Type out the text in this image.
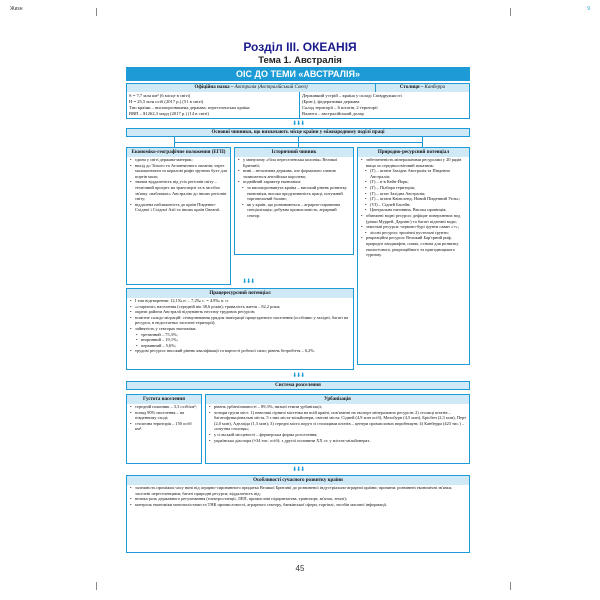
Жизн	9
Розділ III. ОКЕАНІЯ
Тема 1. Австралія
ОІС ДО ТЕМИ «АВСТРАЛІЯ»
Офіційна назва – Австралія (Австралійський Союз)	Столиця – Канберра
S = 7,7 млн км² (6 місце в світі)
Н = 25,5 млн осіб (2017 р.) (51 в світі)
Тип країни – високорозвинена держава, переселенська країна
ВВП – $1262,3 млрд (2017 р.) (14 в світі)
Державний устрій – країна у складі Співдружності
(Брит.), федеративна держава
Склад території – 6 штатів, 2 території
Валюта – австралійський долар
⬇⬇⬇
Основні чинники, що визначають місце країни у міжнародному поділі праці
Економіко-географічне положення (ЕГП)
• єдина у світі держава-материк;
• вихід до Тихого та Атлантичного океанів; через малоконтакти та коралові рифи зручних бухт для портів мало;
• значна віддаленість від усіх регіонів світу – технічний прогрес на транспорті та в засобах зв'язку «наближає» Австралію до інших регіонів світу;
• віддалена наближеність до країн Південно-Східної і Східної Азії та інших країн Океанії.
Історичний чинник
• у минулому «біла переселенська колонія» Великої Британії;
• нині – незалежна держава, але формально главою залишається англійська королева;
• подвійний характер економіки:
• за високорозвинута країна – високий рівень розвитку економіки, висока продуктивність праці, потужний торговельний баланс;
• як у країн, що розвиваються – аграрно-сировинна спеціалізація: добувна промисловість, аграрний сектор.
Природно-ресурсний потенціал
• забезпеченість мінеральними ресурсами у 20 рядів вища за середньосвітовий показник:
• (Г) – штати Західна Австралія та Південна Австралія;
• (Г) – п-в Кейп-Йорк;
• (Г) – Пілбара територія;
• (Г) – штат Західна Австралія;
• (Г) – штати Квінсленд, Новий Південний Уельс;
• (VI) – Сідней Басейн;
• Центральна низовина, Висока провінція;
• обмежені водні ресурси: дефіцит поверхневих вод (річки Муррей, Дарлінг) та багаті підземні води;
• земельні ресурси: червоно-бурі ґрунти саван «+»;
• лісові ресурси: тропічні пустельні ґрунти;
• рекреаційні ресурси: Великий Бар'єрний риф, природні ландшафти, пляжі, основа для розвитку екологічного, рекреаційного та пригодницького туризму.
⬇⬇⬇
Працересурсний потенціал
• І тип відтворення: 12,1‰ н. – 7,2‰ с. = 4,9‰ п. п.
• «старіюче» населення (середній вік 38,6 років); тривалість життя – 82,2 роки;
• окремі райони Австралії відчувають нестачу трудових ресурсів;
• помітне сальдо міграцій: стимулювання урядом іммiграції працездатного населення (особливо у західні, багаті на ресурси, в недостатньо заселені території);
• зайнятість у секторах економіки:
• третинний – 75,3%;
• вторинний – 19,1%;
• первинний – 5,6%;
• трудові ресурси: високий рівень кваліфікації та вартості робочої сили; рівень безробіття – 6,2%.
⬇⬇⬇
Система розселення
Густота населення
• середній показник – 3,3 осіб/км²;
• понад 90% населення – на південному сході;
• столична територія – 150 осіб/км².
Урбанізація
• рівень урбанізованості – 89,3%; низьні темпи урбанізації;
• чотири групи міст: 1) невеликі гірничі містечка на всій країні, пов'язанні на експорт мінеральних ресурсів; 2) столиці штатів – багатофункціональні міста, 5 з них міста-мільйонери, світові міста: Сідней (4,9 млн осіб), Мельбурн (4,5 млн), Брісбен (2,3 млн), Перт (2,0 млн), Аделаїда (1,3 млн); 3) середні міста поруч зі столицями штатів – центри промислових виробництв; 4) Канберра (423 тис.) – «штучна столиця»;
• у сільській місцевості – фермерська форма розселення;
• українська діаспора (≈34 тис. осіб): з другої половини ХХ ст. у містах-мільйонерах.
⬇⬇⬇
Особливості сучасного розвитку країни
• залежність проміжок часу нині від аграрно-сировинного придатка Великої Британії до розвиненої індустріально-аграрної країни; причини: розвинені економічні зв'язки, заселені переселенцями; багаті природні ресурси; віддаленість від;
• велика роль державного регулювання (електростанції, ЛЕП, промислові підприємства, транспорт, зв'язок, землі);
• контроль економіки монополістами та ТНК промисловості, аграрного сектору, банківської сфери, торгівлі, засобів масової інформації.
45
